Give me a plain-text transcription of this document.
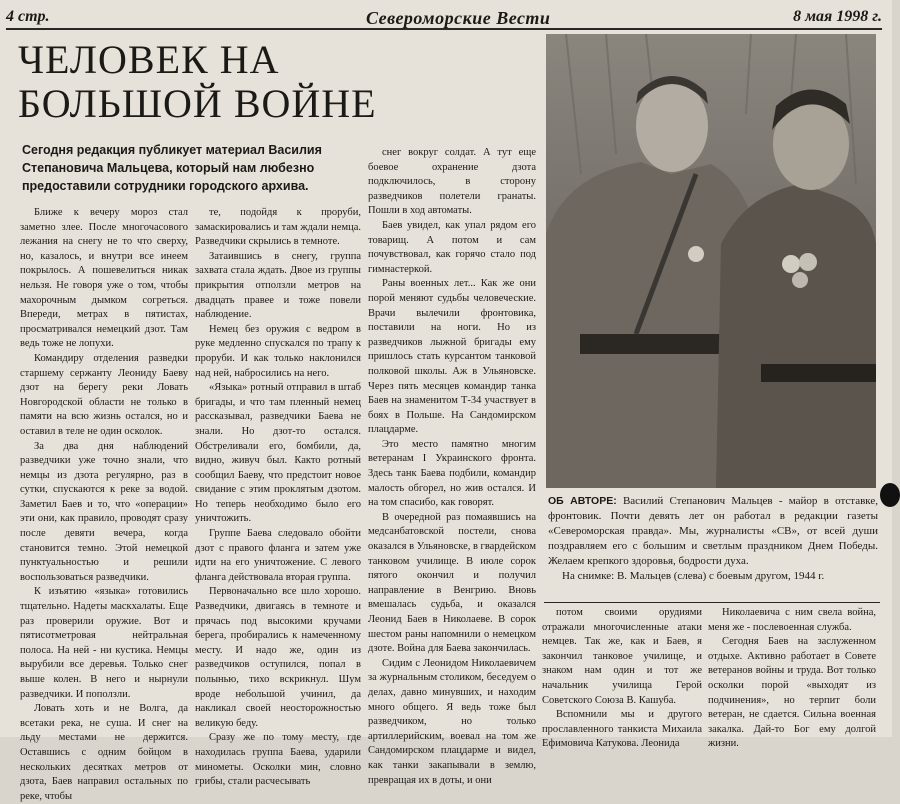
4 стр.	Североморские Вести	8 мая 1998 г.
ЧЕЛОВЕК НА
БОЛЬШОЙ ВОЙНЕ
Сегодня редакция публикует материал Василия Степановича Мальцева, который нам любезно предоставили сотрудники городского архива.

Ближе к вечеру мороз стал заметно злее. После многочасового лежания на снегу не то что сверху, но, казалось, и внутри все инеем покрылось. А пошевелиться никак нельзя. Не говоря уже о том, чтобы махорочным дымком согреться. Впереди, метрах в пятистах, просматривался немецкий дзот. Там ведь тоже не лопухи.

Командиру отделения разведки старшему сержанту Леониду Баеву дзот на берегу реки Ловать Новгородской области не только в памяти на всю жизнь остался, но и оставил в теле не один осколок.

За два дня наблюдений разведчики уже точно знали, что немцы из дзота регулярно, раз в сутки, спускаются к реке за водой. Заметил Баев и то, что «операции» эти они, как правило, проводят сразу после девяти вечера, когда становится темно. Этой немецкой пунктуальностью и решили воспользоваться разведчики.

К изъятию «языка» готовились тщательно. Надеты маскхалаты. Еще раз проверили оружие. Вот и пятисотметровая нейтральная полоса. На ней - ни кустика. Немцы вырубили все деревья. Только снег выше колен. В него и нырнули разведчики. И поползли.

Ловать хоть и не Волга, да всетаки река, не суша. И снег на льду местами не держится. Оставшись с одним бойцом в нескольких десятках метров от дзота, Баев направил остальных по реке, чтобы

те, подойдя к проруби, замаскировались и там ждали немца. Разведчики скрылись в темноте.

Затаившись в снегу, группа захвата стала ждать. Двое из группы прикрытия отползли метров на двадцать правее и тоже повели наблюдение.

Немец без оружия с ведром в руке медленно спускался по трапу к проруби. И как только наклонился над ней, набросились на него.

«Языка» ротный отправил в штаб бригады, и что там пленный немец рассказывал, разведчики Баева не знали. Но дзот-то остался. Обстреливали его, бомбили, да, видно, живуч был. Както ротный сообщил Баеву, что предстоит новое свидание с этим проклятым дзотом. Но теперь необходимо было его уничтожить.

Группе Баева следовало обойти дзот с правого фланга и затем уже идти на его уничтожение. С левого фланга действовала вторая группа.

Первоначально все шло хорошо. Разведчики, двигаясь в темноте и прячась под высокими кручами берега, пробирались к намеченному месту. И надо же, один из разведчиков оступился, попал в полынью, тихо вскрикнул. Шум вроде небольшой учинил, да накликал своей неосторожностью великую беду.

Сразу же по тому месту, где находилась группа Баева, ударили минометы. Осколки мин, словно грибы, стали расчесывать

снег вокруг солдат. А тут еще боевое охранение дзота подключилось, в сторону разведчиков полетели гранаты. Пошли в ход автоматы.

Баев увидел, как упал рядом его товарищ. А потом и сам почувствовал, как горячо стало под гимнастеркой.

Раны военных лет... Как же они порой меняют судьбы человеческие. Врачи вылечили фронтовика, поставили на ноги. Но из разведчиков лыжной бригады ему пришлось стать курсантом танковой полковой школы. Аж в Ульяновске. Через пять месяцев командир танка Баев на знаменитом Т-34 участвует в боях в Польше. На Сандомирском плацдарме.

Это место памятно многим ветеранам I Украинского фронта. Здесь танк Баева подбили, командир малость обгорел, но жив остался. И на том спасибо, как говорят.

В очередной раз помаявшись на медсанбатовской постели, снова оказался в Ульяновске, в гвардейском танковом училище. В июле сорок пятого окончил и получил направление в Венгрию. Вновь вмешалась судьба, и оказался Леонид Баев в Николаеве. В сорок шестом раны напомнили о немецком дзоте. Война для Баева закончилась.

Сидим с Леонидом Николаевичем за журнальным столиком, беседуем о делах, давно минувших, и находим много общего. Я ведь тоже был разведчиком, но только артиллерийским, воевал на том же Сандомирском плацдарме и видел, как танки закапывали в землю, превращая их в доты, и они

ОБ АВТОРЕ: Василий Степанович Мальцев - майор в отставке, фронтовик. Почти девять лет он работал в редакции газеты «Североморская правда». Мы, журналисты «СВ», от всей души поздравляем его с большим и светлым праздником Днем Победы. Желаем крепкого здоровья, бодрости духа.

На снимке: В. Мальцев (слева) с боевым другом, 1944 г.

потом своими орудиями отражали многочисленные атаки немцев. Так же, как и Баев, я закончил танковое училище, и знаком нам один и тот же начальник училища Герой Советского Союза В. Кашуба.

Вспомнили мы и другого прославленного танкиста Михаила Ефимовича Катукова. Леонида

Николаевича с ним свела война, меня же - послевоенная служба.

Сегодня Баев на заслуженном отдыхе. Активно работает в Совете ветеранов войны и труда. Вот только осколки порой «выходят из подчинения», но терпит боли ветеран, не сдается. Сильна военная закалка. Дай-то Бог ему долгой жизни.
